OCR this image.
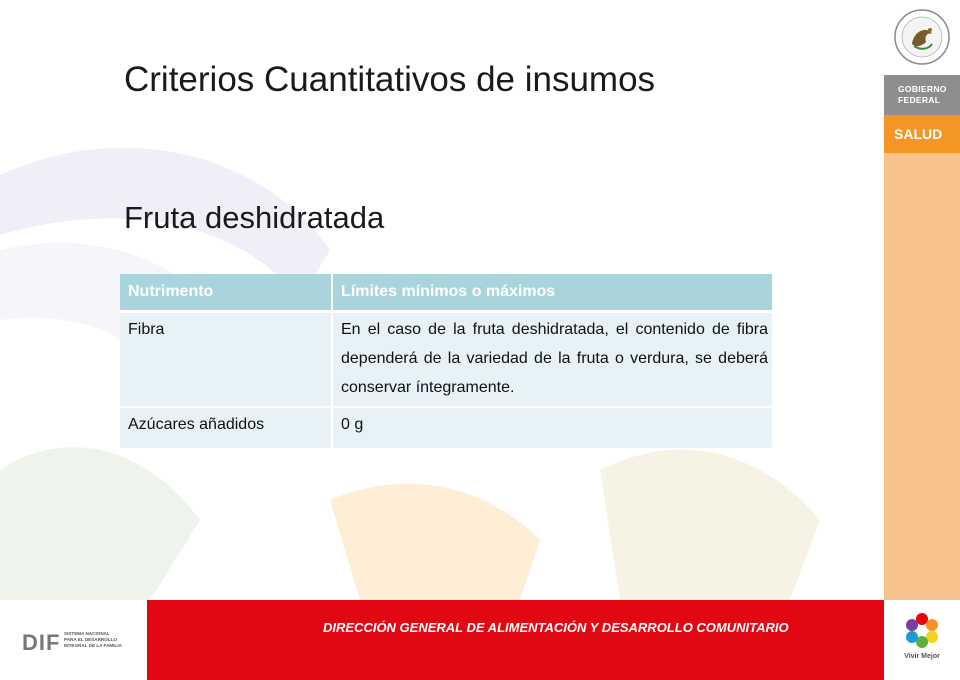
Criterios Cuantitativos de insumos
Fruta deshidratada
Nutrimento	Límites mínimos o máximos
Fibra	En el caso de la fruta deshidratada, el contenido de fibra dependerá de la variedad de la fruta o verdura, se deberá conservar íntegramente.
Azúcares añadidos	0 g
GOBIERNO
FEDERAL
SALUD
Vivir Mejor

DIRECCIÓN GENERAL DE ALIMENTACIÓN Y DESARROLLO COMUNITARIO

DIF SISTEMA NACIONAL
PARA EL DESARROLLO
INTEGRAL DE LA FAMILIA
